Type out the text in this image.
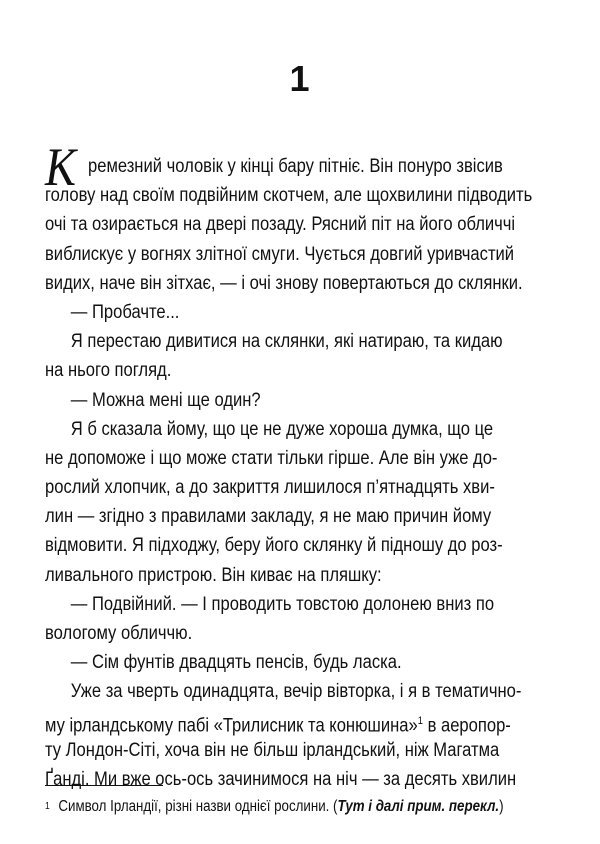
1
К ремезний чоловік у кінці бару пітніє. Він понуро звісив
голову над своїм подвійним скотчем, але щохвилини підводить
очі та озирається на двері позаду. Рясний піт на його обличчі
виблискує у вогнях злітної смуги. Чується довгий уривчастий
видих, наче він зітхає, — і очі знову повертаються до склянки.
— Пробачте...
Я перестаю дивитися на склянки, які натираю, та кидаю
на нього погляд.
— Можна мені ще один?
Я б сказала йому, що це не дуже хороша думка, що це
не допоможе і що може стати тільки гірше. Але він уже до-
рослий хлопчик, а до закриття лишилося п’ятнадцять хви-
лин — згідно з правилами закладу, я не маю причин йому
відмовити. Я підходжу, беру його склянку й підношу до роз-
ливального пристрою. Він киває на пляшку:
— Подвійний. — І проводить товстою долонею вниз по
вологому обличчю.
— Сім фунтів двадцять пенсів, будь ласка.
Уже за чверть одинадцята, вечір вівторка, і я в тематично-
му ірландському пабі «Трилисник та конюшина»$^1$ в аеропор-
ту Лондон-Сіті, хоча він не більш ірландський, ніж Магатма
Ґанді. Ми вже ось-ось зачинимося на ніч — за десять хвилин
$^1$ Символ Ірландії, різні назви однієї рослини. (Тут і далі прим. перекл.)
